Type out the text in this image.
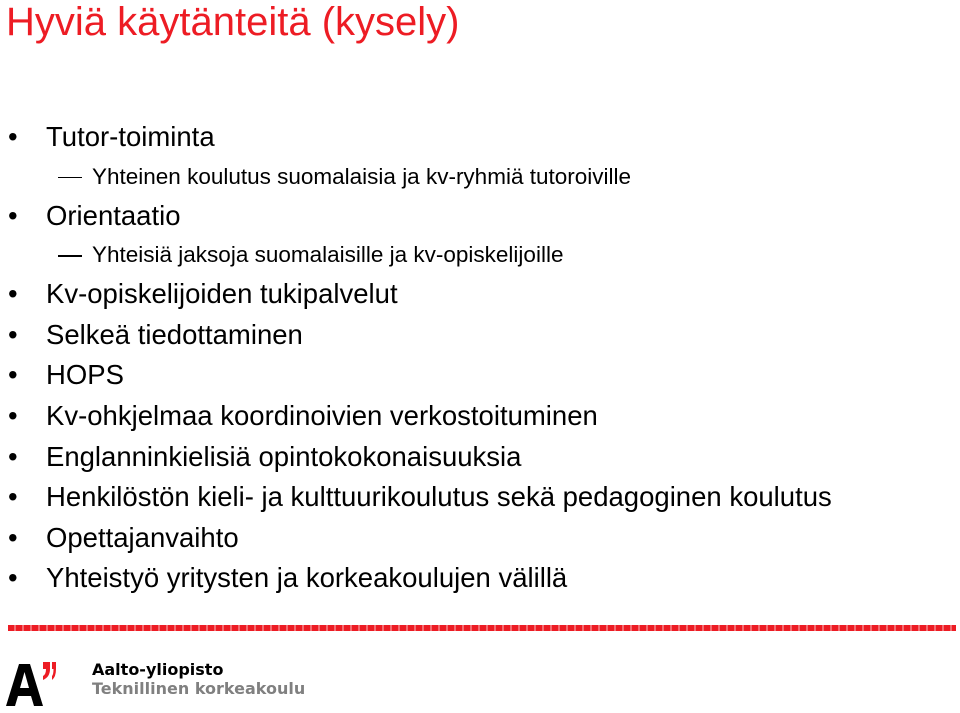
Hyviä käytänteitä (kysely)
•	Tutor-toiminta
Yhteinen koulutus suomalaisia ja kv-ryhmiä tutoroiville
•	Orientaatio
Yhteisiä jaksoja suomalaisille ja kv-opiskelijoille
•	Kv-opiskelijoiden tukipalvelut
•	Selkeä tiedottaminen
•	HOPS
•	Kv-ohkjelmaa koordinoivien verkostoituminen
•	Englanninkielisiä opintokokonaisuuksia
•	Henkilöstön kieli- ja kulttuurikoulutus sekä pedagoginen koulutus
•	Opettajanvaihto
•	Yhteistyö yritysten ja korkeakoulujen välillä
Aalto-yliopisto
Teknillinen korkeakoulu
